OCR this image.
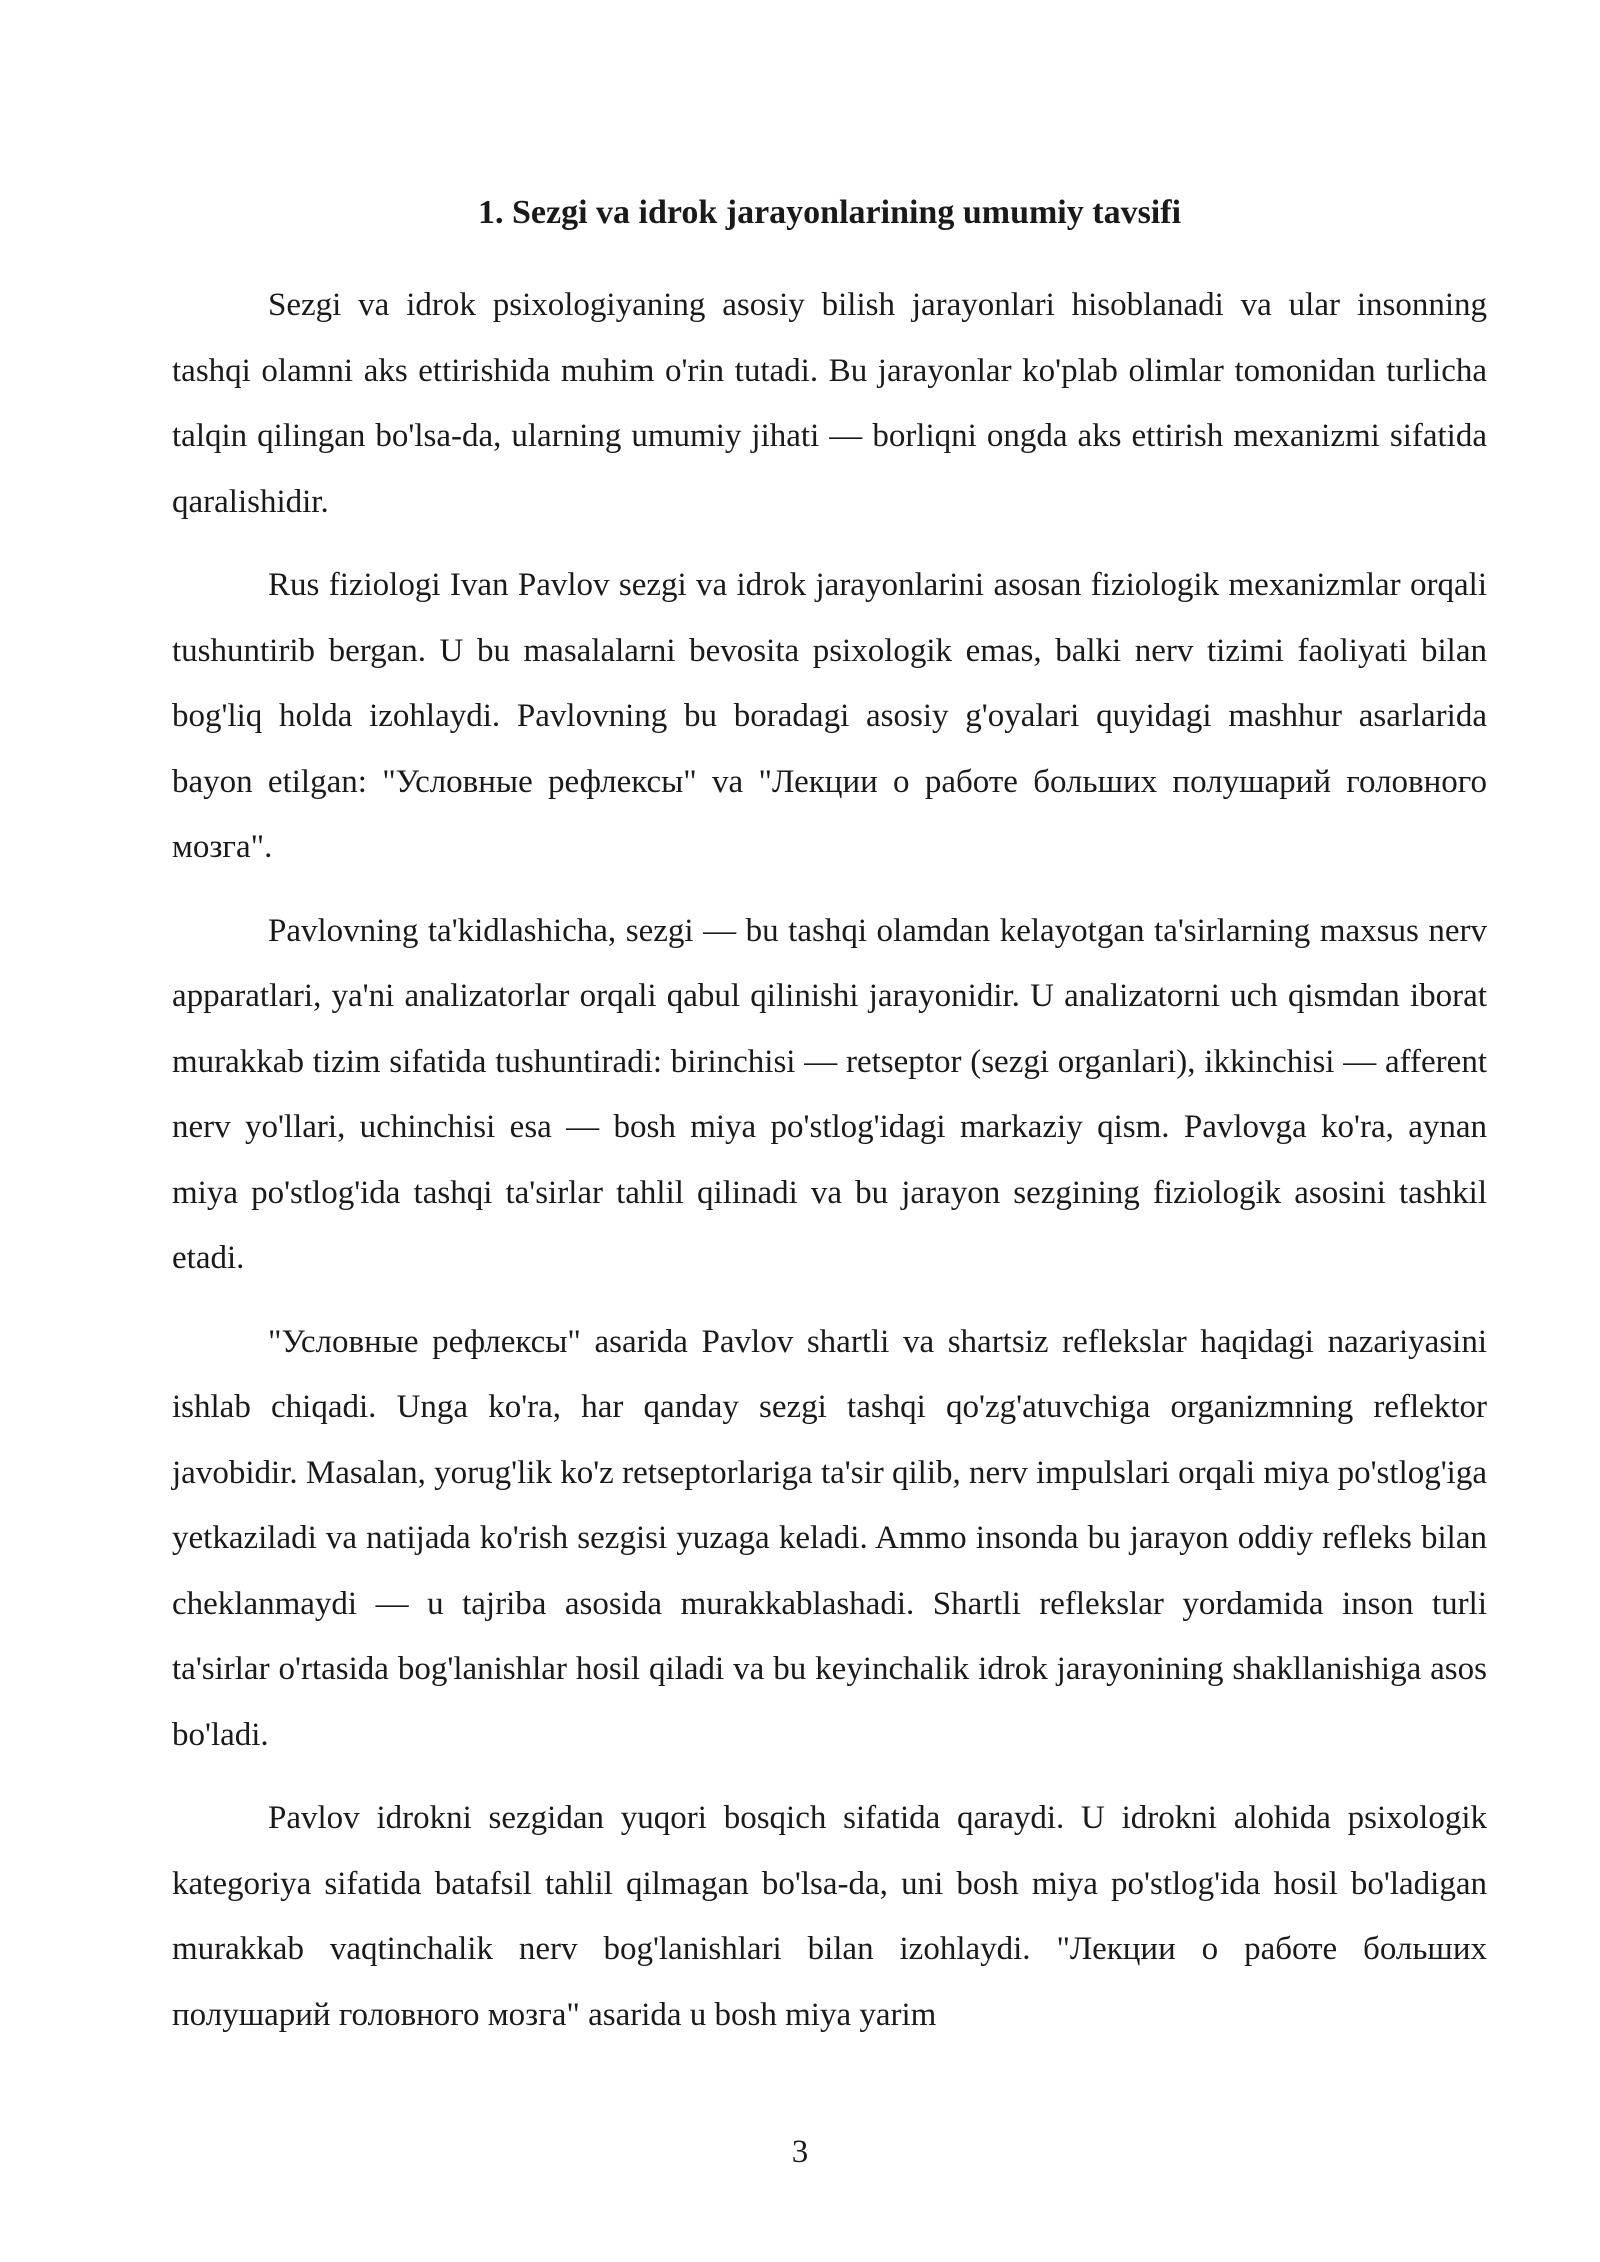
1. Sezgi va idrok jarayonlarining umumiy tavsifi

Sezgi va idrok psixologiyaning asosiy bilish jarayonlari hisoblanadi va ular insonning tashqi olamni aks ettirishida muhim o'rin tutadi. Bu jarayonlar ko'plab olimlar tomonidan turlicha talqin qilingan bo'lsa-da, ularning umumiy jihati — borliqni ongda aks ettirish mexanizmi sifatida qaralishidir.

Rus fiziologi Ivan Pavlov sezgi va idrok jarayonlarini asosan fiziologik mexanizmlar orqali tushuntirib bergan. U bu masalalarni bevosita psixologik emas, balki nerv tizimi faoliyati bilan bog'liq holda izohlaydi. Pavlovning bu boradagi asosiy g'oyalari quyidagi mashhur asarlarida bayon etilgan: "Условные рефлексы" va "Лекции о работе больших полушарий головного мозга".

Pavlovning ta'kidlashicha, sezgi — bu tashqi olamdan kelayotgan ta'sirlarning maxsus nerv apparatlari, ya'ni analizatorlar orqali qabul qilinishi jarayonidir. U analizatorni uch qismdan iborat murakkab tizim sifatida tushuntiradi: birinchisi — retseptor (sezgi organlari), ikkinchisi — afferent nerv yo'llari, uchinchisi esa — bosh miya po'stlog'idagi markaziy qism. Pavlovga ko'ra, aynan miya po'stlog'ida tashqi ta'sirlar tahlil qilinadi va bu jarayon sezgining fiziologik asosini tashkil etadi.

"Условные рефлексы" asarida Pavlov shartli va shartsiz reflekslar haqidagi nazariyasini ishlab chiqadi. Unga ko'ra, har qanday sezgi tashqi qo'zg'atuvchiga organizmning reflektor javobidir. Masalan, yorug'lik ko'z retseptorlariga ta'sir qilib, nerv impulslari orqali miya po'stlog'iga yetkaziladi va natijada ko'rish sezgisi yuzaga keladi. Ammo insonda bu jarayon oddiy refleks bilan cheklanmaydi — u tajriba asosida murakkablashadi. Shartli reflekslar yordamida inson turli ta'sirlar o'rtasida bog'lanishlar hosil qiladi va bu keyinchalik idrok jarayonining shakllanishiga asos bo'ladi.

Pavlov idrokni sezgidan yuqori bosqich sifatida qaraydi. U idrokni alohida psixologik kategoriya sifatida batafsil tahlil qilmagan bo'lsa-da, uni bosh miya po'stlog'ida hosil bo'ladigan murakkab vaqtinchalik nerv bog'lanishlari bilan izohlaydi. "Лекции о работе больших полушарий головного мозга" asarida u bosh miya yarim

3
